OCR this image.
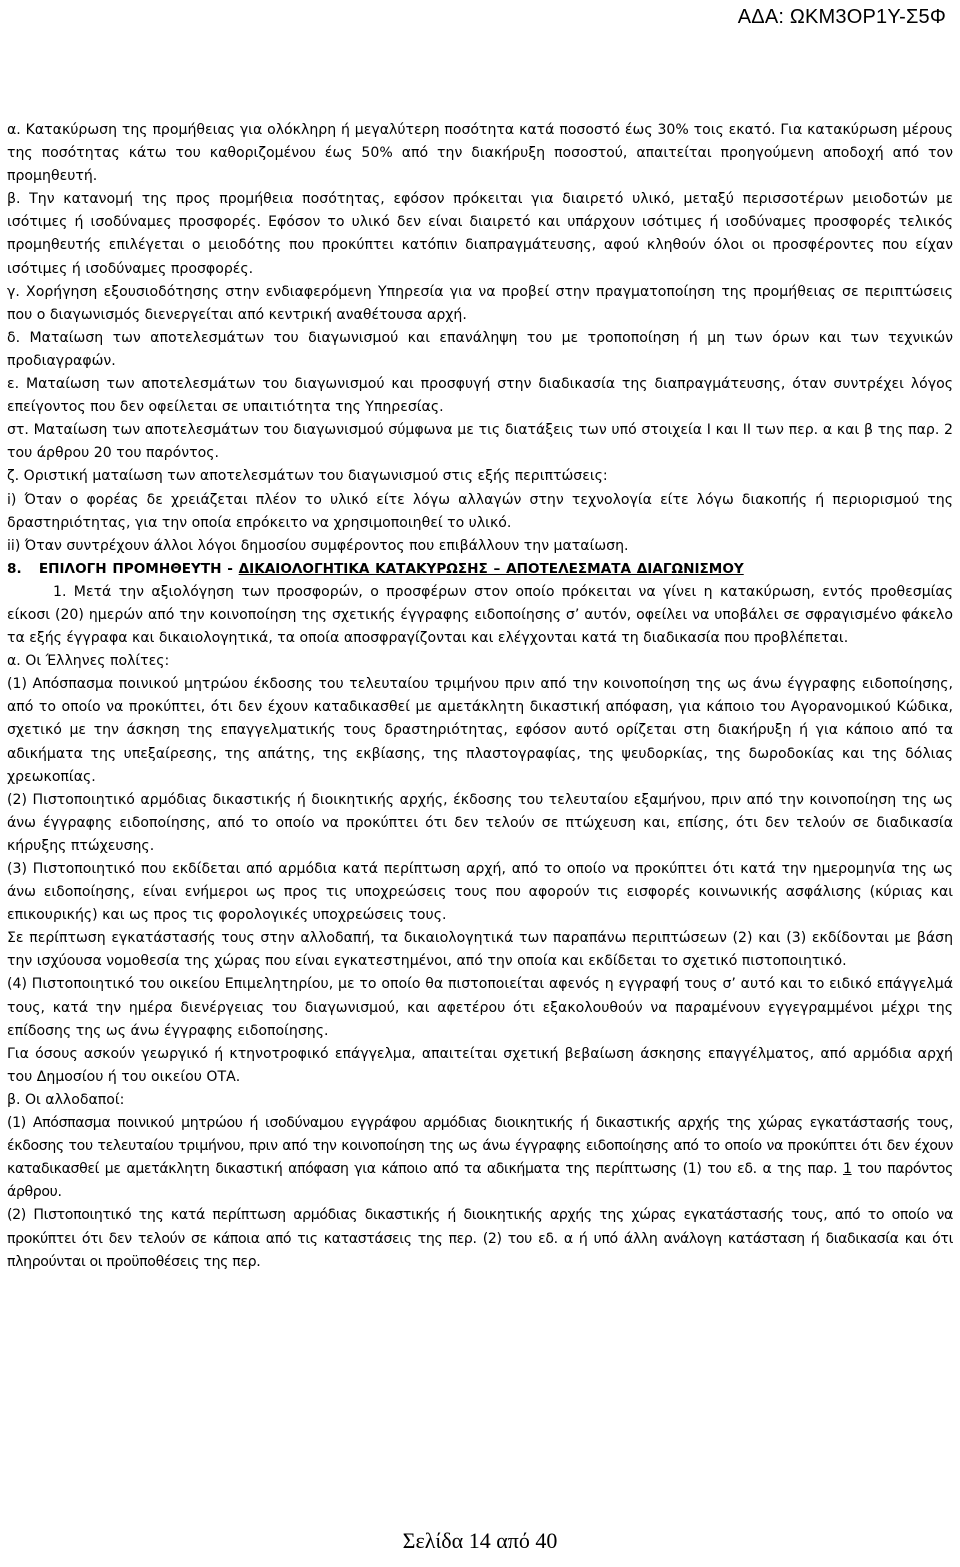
ΑΔΑ: ΩΚΜ3ΟΡ1Υ-Σ5Φ

α. Κατακύρωση της προμήθειας για ολόκληρη ή μεγαλύτερη ποσότητα κατά ποσοστό έως 30% τοις εκατό. Για κατακύρωση μέρους της ποσότητας κάτω του καθοριζομένου έως 50% από την διακήρυξη ποσοστού, απαιτείται προηγούμενη αποδοχή από τον προμηθευτή.

β. Την κατανομή της προς προμήθεια ποσότητας, εφόσον πρόκειται για διαιρετό υλικό, μεταξύ περισσοτέρων μειοδοτών με ισότιμες ή ισοδύναμες προσφορές. Εφόσον το υλικό δεν είναι διαιρετό και υπάρχουν ισότιμες ή ισοδύναμες προσφορές τελικός προμηθευτής επιλέγεται ο μειοδότης που προκύπτει κατόπιν διαπραγμάτευσης, αφού κληθούν όλοι οι προσφέροντες που είχαν ισότιμες ή ισοδύναμες προσφορές.

γ. Χορήγηση εξουσιοδότησης στην ενδιαφερόμενη Υπηρεσία για να προβεί στην πραγματοποίηση της προμήθειας σε περιπτώσεις που ο διαγωνισμός διενεργείται από κεντρική αναθέτουσα αρχή.

δ. Ματαίωση των αποτελεσμάτων του διαγωνισμού και επανάληψη του με τροποποίηση ή μη των όρων και των τεχνικών προδιαγραφών.

ε. Ματαίωση των αποτελεσμάτων του διαγωνισμού και προσφυγή στην διαδικασία της διαπραγμάτευσης, όταν συντρέχει λόγος επείγοντος που δεν οφείλεται σε υπαιτιότητα της Υπηρεσίας.

στ. Ματαίωση των αποτελεσμάτων του διαγωνισμού σύμφωνα με τις διατάξεις των υπό στοιχεία Ι και ΙΙ των περ. α και β της παρ. 2 του άρθρου 20 του παρόντος.

ζ. Οριστική ματαίωση των αποτελεσμάτων του διαγωνισμού στις εξής περιπτώσεις:

i) Όταν ο φορέας δε χρειάζεται πλέον το υλικό είτε λόγω αλλαγών στην τεχνολογία είτε λόγω διακοπής ή περιορισμού της δραστηριότητας, για την οποία επρόκειτο να χρησιμοποιηθεί το υλικό.

ii) Όταν συντρέχουν άλλοι λόγοι δημοσίου συμφέροντος που επιβάλλουν την ματαίωση.

8. ΕΠΙΛΟΓΗ ΠΡΟΜΗΘΕΥΤΗ - ΔΙΚΑΙΟΛΟΓΗΤΙΚΑ ΚΑΤΑΚΥΡΩΣΗΣ – ΑΠΟΤΕΛΕΣΜΑΤΑ ΔΙΑΓΩΝΙΣΜΟΥ

1. Μετά την αξιολόγηση των προσφορών, ο προσφέρων στον οποίο πρόκειται να γίνει η κατακύρωση, εντός προθεσμίας είκοσι (20) ημερών από την κοινοποίηση της σχετικής έγγραφης ειδοποίησης σ’ αυτόν, οφείλει να υποβάλει σε σφραγισμένο φάκελο τα εξής έγγραφα και δικαιολογητικά, τα οποία αποσφραγίζονται και ελέγχονται κατά τη διαδικασία που προβλέπεται.

α. Οι Έλληνες πολίτες:

(1) Απόσπασμα ποινικού μητρώου έκδοσης του τελευταίου τριμήνου πριν από την κοινοποίηση της ως άνω έγγραφης ειδοποίησης, από το οποίο να προκύπτει, ότι δεν έχουν καταδικασθεί με αμετάκλητη δικαστική απόφαση, για κάποιο του Αγορανομικού Κώδικα, σχετικό με την άσκηση της επαγγελματικής τους δραστηριότητας, εφόσον αυτό ορίζεται στη διακήρυξη ή για κάποιο από τα αδικήματα της υπεξαίρεσης, της απάτης, της εκβίασης, της πλαστογραφίας, της ψευδορκίας, της δωροδοκίας και της δόλιας χρεωκοπίας.

(2) Πιστοποιητικό αρμόδιας δικαστικής ή διοικητικής αρχής, έκδοσης του τελευταίου εξαμήνου, πριν από την κοινοποίηση της ως άνω έγγραφης ειδοποίησης, από το οποίο να προκύπτει ότι δεν τελούν σε πτώχευση και, επίσης, ότι δεν τελούν σε διαδικασία κήρυξης πτώχευσης.

(3) Πιστοποιητικό που εκδίδεται από αρμόδια κατά περίπτωση αρχή, από το οποίο να προκύπτει ότι κατά την ημερομηνία της ως άνω ειδοποίησης, είναι ενήμεροι ως προς τις υποχρεώσεις τους που αφορούν τις εισφορές κοινωνικής ασφάλισης (κύριας και επικουρικής) και ως προς τις φορολογικές υποχρεώσεις τους.

Σε περίπτωση εγκατάστασής τους στην αλλοδαπή, τα δικαιολογητικά των παραπάνω περιπτώσεων (2) και (3) εκδίδονται με βάση την ισχύουσα νομοθεσία της χώρας που είναι εγκατεστημένοι, από την οποία και εκδίδεται το σχετικό πιστοποιητικό.

(4) Πιστοποιητικό του οικείου Επιμελητηρίου, με το οποίο θα πιστοποιείται αφενός η εγγραφή τους σ’ αυτό και το ειδικό επάγγελμά τους, κατά την ημέρα διενέργειας του διαγωνισμού, και αφετέρου ότι εξακολουθούν να παραμένουν εγγεγραμμένοι μέχρι της επίδοσης της ως άνω έγγραφης ειδοποίησης.

Για όσους ασκούν γεωργικό ή κτηνοτροφικό επάγγελμα, απαιτείται σχετική βεβαίωση άσκησης επαγγέλματος, από αρμόδια αρχή του Δημοσίου ή του οικείου ΟΤΑ.

β. Οι αλλοδαποί:

(1) Απόσπασμα ποινικού μητρώου ή ισοδύναμου εγγράφου αρμόδιας διοικητικής ή δικαστικής αρχής της χώρας εγκατάστασής τους, έκδοσης του τελευταίου τριμήνου, πριν από την κοινοποίηση της ως άνω έγγραφης ειδοποίησης από το οποίο να προκύπτει ότι δεν έχουν καταδικασθεί με αμετάκλητη δικαστική απόφαση για κάποιο από τα αδικήματα της περίπτωσης (1) του εδ. α της παρ. 1 του παρόντος άρθρου.

(2) Πιστοποιητικό της κατά περίπτωση αρμόδιας δικαστικής ή διοικητικής αρχής της χώρας εγκατάστασής τους, από το οποίο να προκύπτει ότι δεν τελούν σε κάποια από τις καταστάσεις της περ. (2) του εδ. α ή υπό άλλη ανάλογη κατάσταση ή διαδικασία και ότι πληρούνται οι προϋποθέσεις της περ.

Σελίδα 14 από 40
